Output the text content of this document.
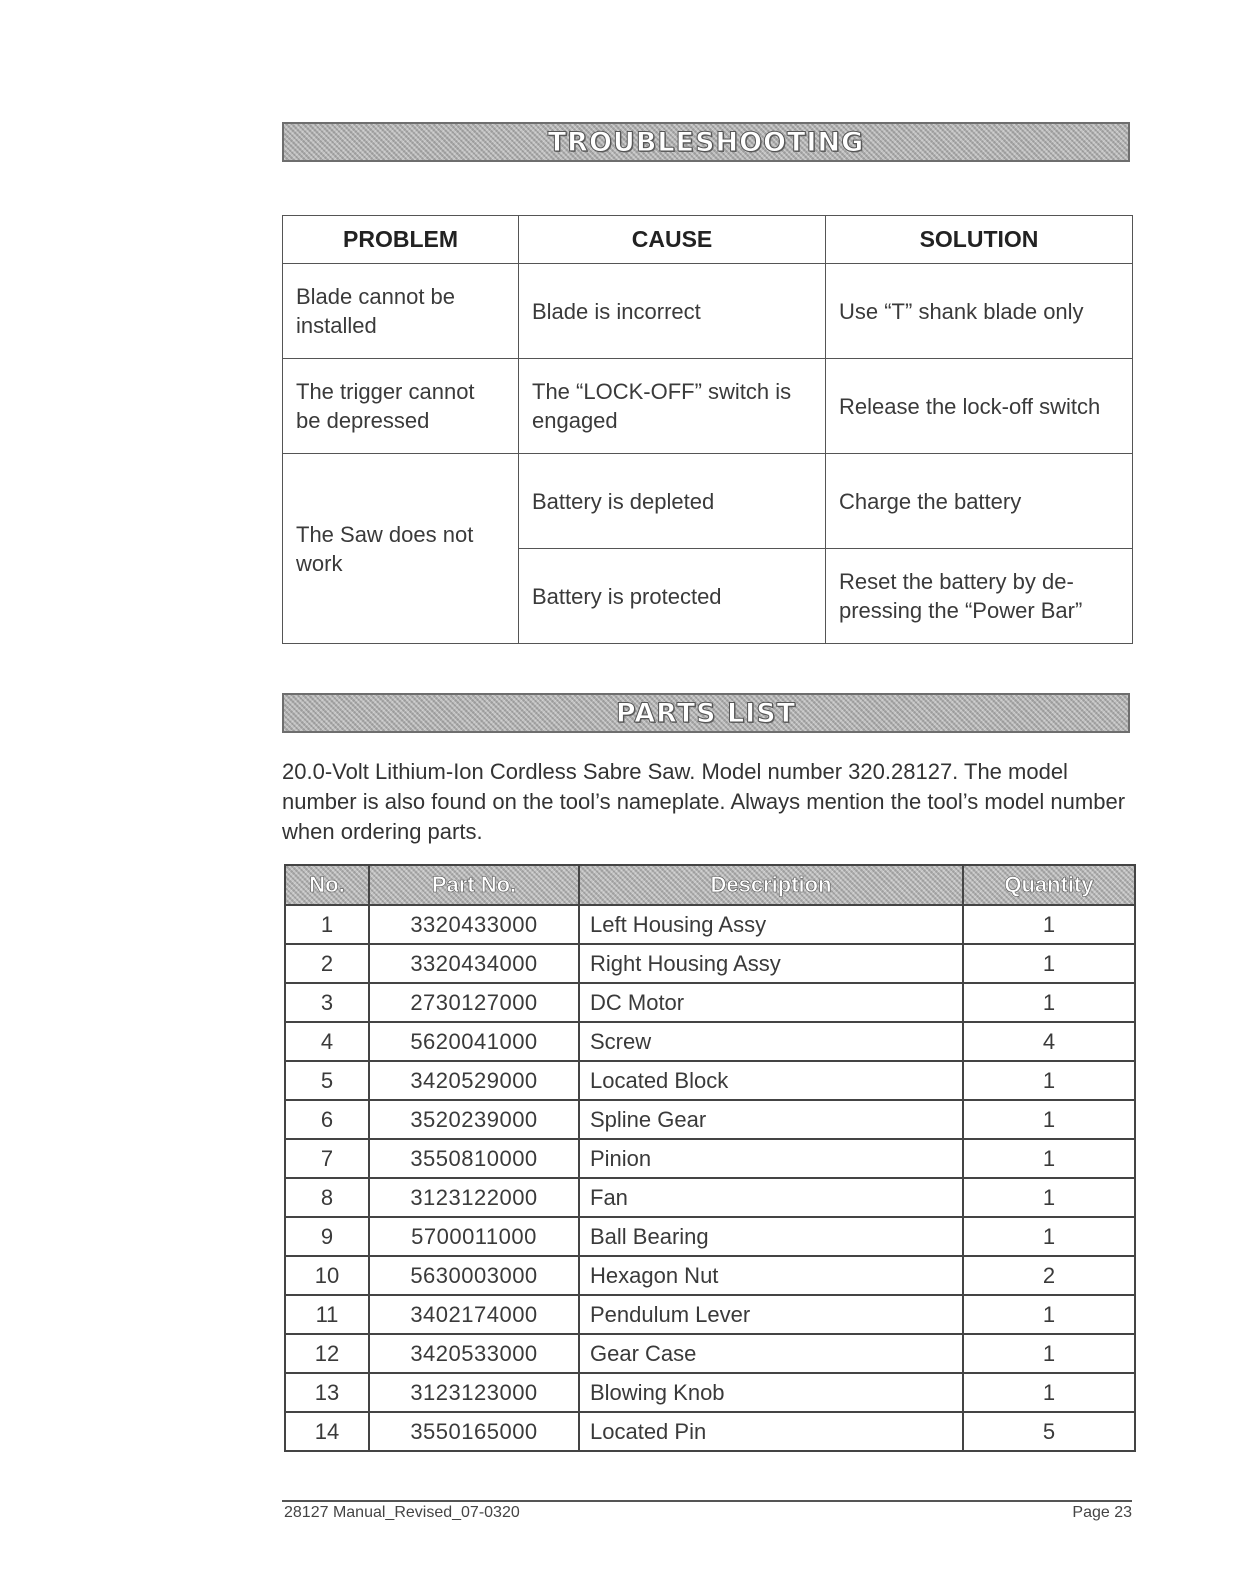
TROUBLESHOOTING
PROBLEM	CAUSE	SOLUTION
Blade cannot be installed	Blade is incorrect	Use “T” shank blade only
The trigger cannot be depressed	The “LOCK-OFF” switch is engaged	Release the lock-off switch
The Saw does not work	Battery is depleted	Charge the battery
	Battery is protected	Reset the battery by de-pressing the “Power Bar”
PARTS LIST

20.0-Volt Lithium-Ion Cordless Sabre Saw. Model number 320.28127. The model number is also found on the tool’s nameplate. Always mention the tool’s model number when ordering parts.

No.	Part No.	Description	Quantity
1	3320433000	Left Housing Assy	1
2	3320434000	Right Housing Assy	1
3	2730127000	DC Motor	1
4	5620041000	Screw	4
5	3420529000	Located Block	1
6	3520239000	Spline Gear	1
7	3550810000	Pinion	1
8	3123122000	Fan	1
9	5700011000	Ball Bearing	1
10	5630003000	Hexagon Nut	2
11	3402174000	Pendulum Lever	1
12	3420533000	Gear Case	1
13	3123123000	Blowing Knob	1
14	3550165000	Located Pin	5
28127 Manual_Revised_07-0320	Page 23
